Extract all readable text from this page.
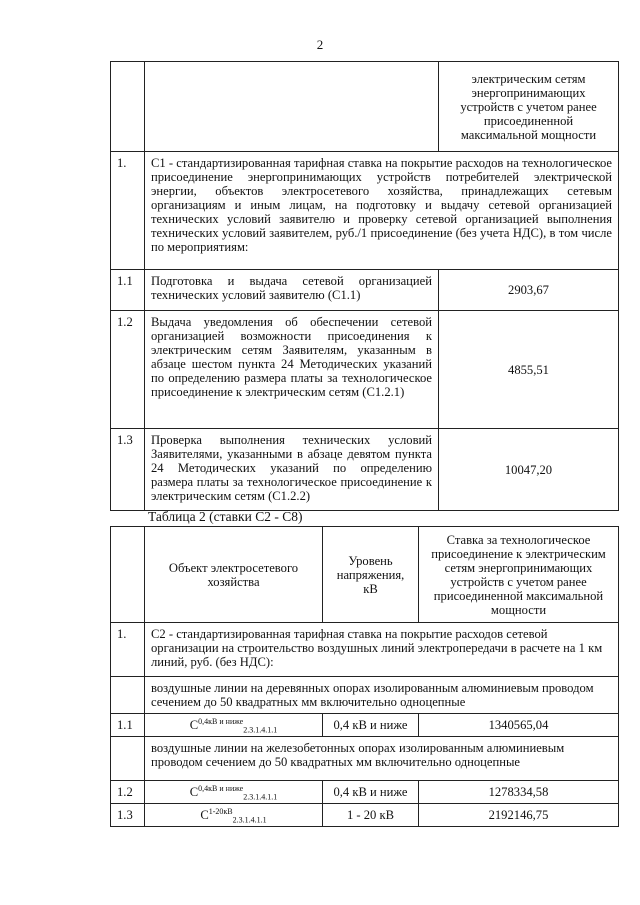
2
		электрическим сетям энергопринимающих устройств с учетом ранее присоединенной максимальной мощности
1.	C1 - стандартизированная тарифная ставка на покрытие расходов на технологическое присоединение энергопринимающих устройств потребителей электрической энергии, объектов электросетевого хозяйства, принадлежащих сетевым организациям и иным лицам, на подготовку и выдачу сетевой организацией технических условий заявителю и проверку сетевой организацией выполнения технических условий заявителем, руб./1 присоединение (без учета НДС), в том числе по мероприятиям:	
1.1	Подготовка и выдача сетевой организацией технических условий заявителю (C1.1)	2903,67
1.2	Выдача уведомления об обеспечении сетевой организацией возможности присоединения к электрическим сетям Заявителям, указанным в абзаце шестом пункта 24 Методических указаний по определению размера платы за технологическое присоединение к электрическим сетям (C1.2.1)	4855,51
1.3	Проверка выполнения технических условий Заявителями, указанными в абзаце девятом пункта 24 Методических указаний по определению размера платы за технологическое присоединение к электрическим сетям (C1.2.2)	10047,20
Таблица 2 (ставки C2 - C8)
	Объект электросетевого хозяйства	Уровень напряжения, кВ	Ставка за технологическое присоединение к электрическим сетям энергопринимающих устройств с учетом ранее присоединенной максимальной мощности
1.	C2 - стандартизированная тарифная ставка на покрытие расходов сетевой организации на строительство воздушных линий электропередачи в расчете на 1 км линий, руб. (без НДС):		
	воздушные линии на деревянных опорах изолированным алюминиевым проводом сечением до 50 квадратных мм включительно одноцепные		
1.1	$C^{0,4кВ и ниже}_{2.3.1.4.1.1}$	0,4 кВ и ниже	1340565,04
	воздушные линии на железобетонных опорах изолированным алюминиевым проводом сечением до 50 квадратных мм включительно одноцепные		
1.2	$C^{0,4кВ и ниже}_{2.3.1.4.1.1}$	0,4 кВ и ниже	1278334,58
1.3	$C^{1-20кВ}_{2.3.1.4.1.1}$	1 - 20 кВ	2192146,75
